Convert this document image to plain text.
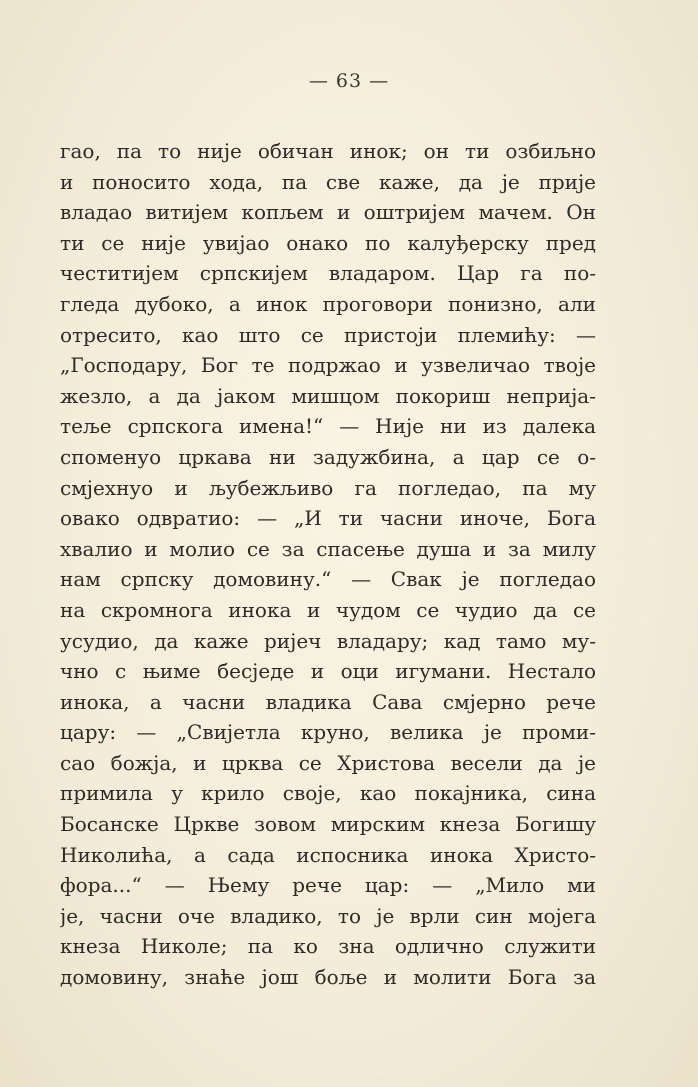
— 63 —
гао, па то није обичан инок; он ти озбиљно
и поносито хода, па све каже, да је прије
владао витијем копљем и оштријем мачем. Он
ти се није увијао онако по калуђерску пред
честитијем српскијем владаром. Цар га по-
гледа дубоко, а инок проговори понизно, али
отресито, као што се пристоји племићу: —
„Господару, Бог те подржао и узвеличао твоје
жезло, а да јаком мишцом покориш неприја-
теље српскога имена!“ — Није ни из далека
споменуо цркава ни задужбина, а цар се о-
смјехнуо и љубежљиво га погледао, па му
овако одвратио: — „И ти часни иноче, Бога
хвалио и молио се за спасење душа и за милу
нам српску домовину.“ — Свак је погледао
на скромнога инока и чудом се чудио да се
усудио, да каже ријеч владару; кад тамо му-
чно с њиме бесједе и оци игумани. Нестало
инока, а часни владика Сава смјерно рече
цару: — „Свијетла круно, велика је проми-
сао божја, и црква се Христова весели да је
примила у крило своје, као покајника, сина
Босанске Цркве зовом мирским кнеза Богишу
Николића, а сада испосника инока Христо-
фора...“ — Њему рече цар: — „Мило ми
је, часни оче владико, то је врли син мојега
кнеза Николе; па ко зна одлично служити
домовину, знаће још боље и молити Бога за
